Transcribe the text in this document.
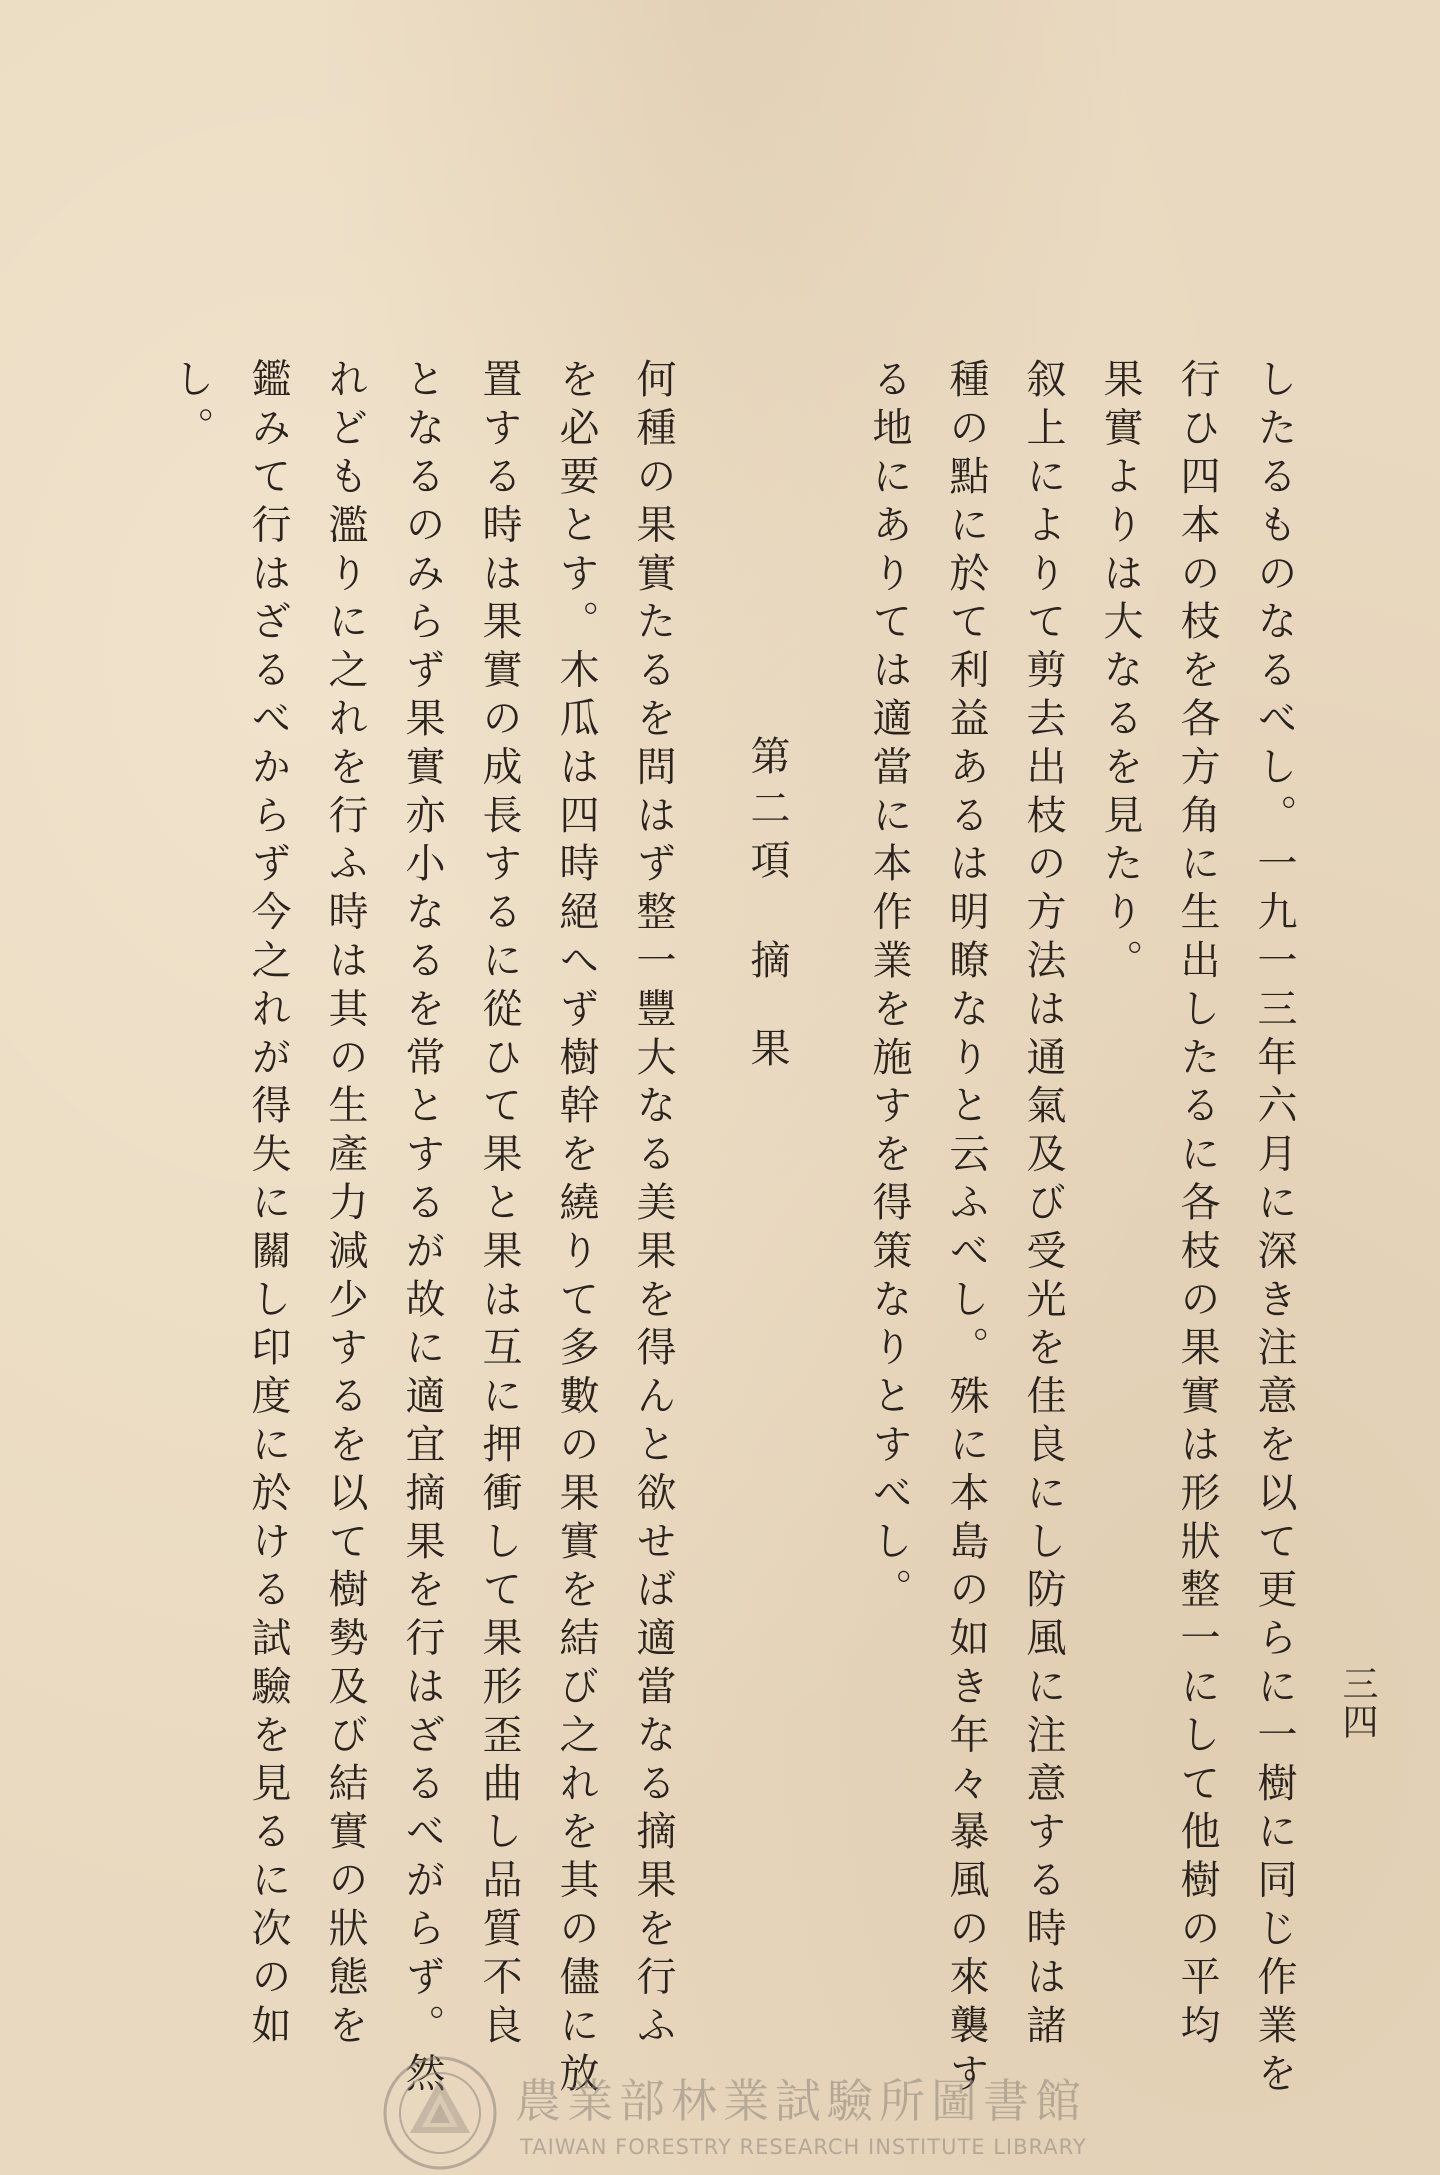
三四
したるものなるべし。一九一三年六月に深き注意を以て更らに一樹に同じ作業を
行ひ四本の枝を各方角に生出したるに各枝の果實は形狀整一にして他樹の平均
果實よりは大なるを見たり。
叙上によりて剪去出枝の方法は通氣及び受光を佳良にし防風に注意する時は諸
種の點に於て利益あるは明瞭なりと云ふべし。殊に本島の如き年々暴風の來襲す
る地にありては適當に本作業を施すを得策なりとすべし。
第二項摘果
何種の果實たるを問はず整一豐大なる美果を得んと欲せば適當なる摘果を行ふ
を必要とす。木瓜は四時絕へず樹幹を繞りて多數の果實を結び之れを其の儘に放
置する時は果實の成長するに從ひて果と果は互に押衝して果形歪曲し品質不良
となるのみらず果實亦小なるを常とするが故に適宜摘果を行はざるべがらず。然
れども濫りに之れを行ふ時は其の生產力減少するを以て樹勢及び結實の狀態を
鑑みて行はざるべからず今之れが得失に關し印度に於ける試驗を見るに次の如
し。
農業部林業試驗所圖書館
TAIWAN FORESTRY RESEARCH INSTITUTE LIBRARY
